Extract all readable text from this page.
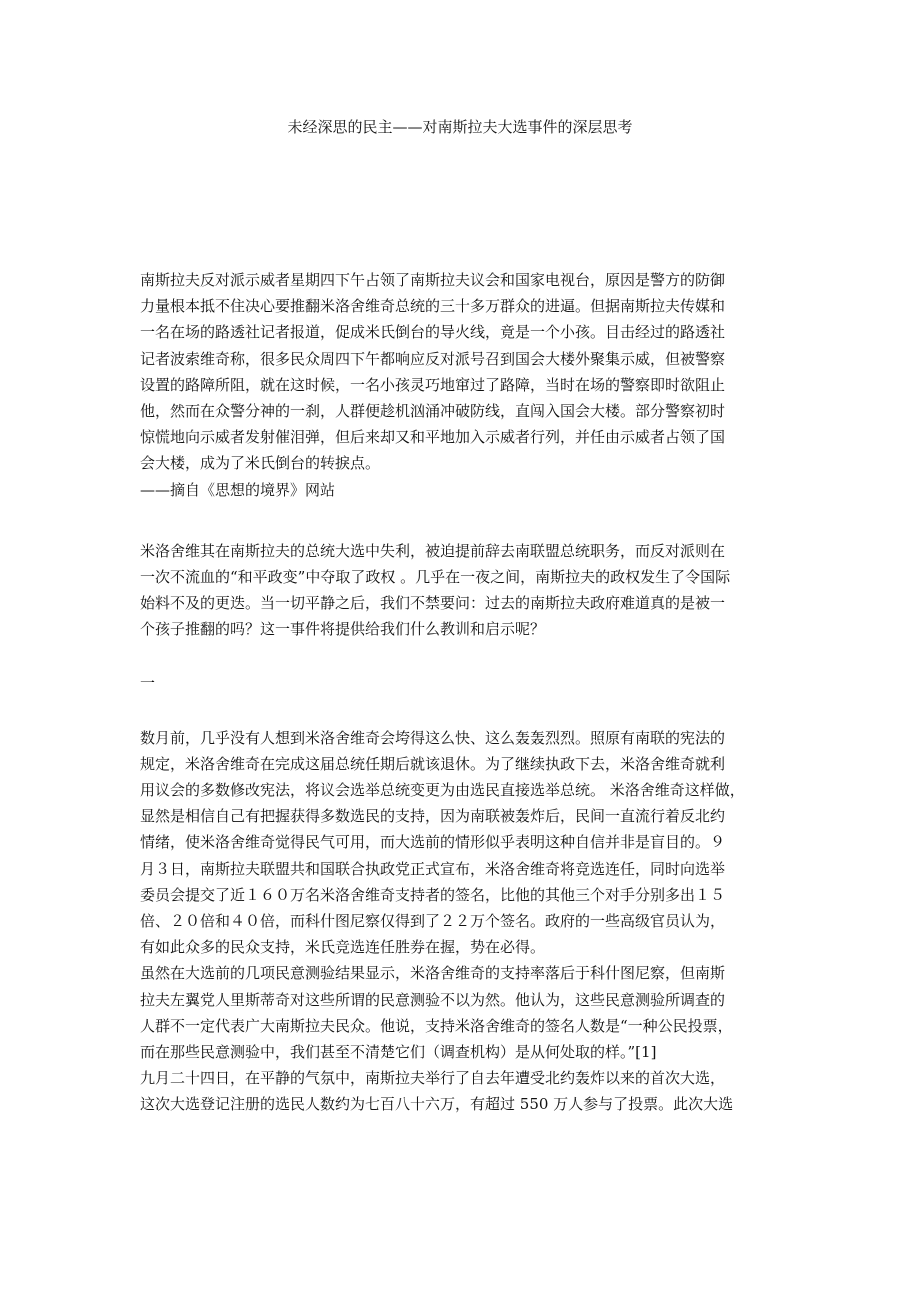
未经深思的民主——对南斯拉夫大选事件的深层思考

南斯拉夫反对派示威者星期四下午占领了南斯拉夫议会和国家电视台，原因是警方的防御

力量根本抵不住决心要推翻米洛舍维奇总统的三十多万群众的进逼。但据南斯拉夫传媒和

一名在场的路透社记者报道，促成米氏倒台的导火线，竟是一个小孩。目击经过的路透社

记者波索维奇称，很多民众周四下午都响应反对派号召到国会大楼外聚集示威，但被警察

设置的路障所阻，就在这时候，一名小孩灵巧地窜过了路障，当时在场的警察即时欲阻止

他，然而在众警分神的一刹，人群便趁机汹涌冲破防线，直闯入国会大楼。部分警察初时

惊慌地向示威者发射催泪弹，但后来却又和平地加入示威者行列，并任由示威者占领了国

会大楼，成为了米氏倒台的转捩点。

——摘自《思想的境界》网站

米洛舍维其在南斯拉夫的总统大选中失利，被迫提前辞去南联盟总统职务，而反对派则在

一次不流血的“和平政变”中夺取了政权 。几乎在一夜之间，南斯拉夫的政权发生了令国际

始料不及的更迭。当一切平静之后，我们不禁要问：过去的南斯拉夫政府难道真的是被一

个孩子推翻的吗？这一事件将提供给我们什么教训和启示呢？

一

数月前，几乎没有人想到米洛舍维奇会垮得这么快、这么轰轰烈烈。照原有南联的宪法的

规定，米洛舍维奇在完成这届总统任期后就该退休。为了继续执政下去，米洛舍维奇就利

用议会的多数修改宪法，将议会选举总统变更为由选民直接选举总统。 米洛舍维奇这样做，

显然是相信自己有把握获得多数选民的支持，因为南联被轰炸后，民间一直流行着反北约

情绪，使米洛舍维奇觉得民气可用，而大选前的情形似乎表明这种自信并非是盲目的。９

月３日，南斯拉夫联盟共和国联合执政党正式宣布，米洛舍维奇将竞选连任，同时向选举

委员会提交了近１６０万名米洛舍维奇支持者的签名，比他的其他三个对手分别多出１５

倍、２０倍和４０倍，而科什图尼察仅得到了２２万个签名。政府的一些高级官员认为，

有如此众多的民众支持，米氏竞选连任胜券在握，势在必得。

虽然在大选前的几项民意测验结果显示，米洛舍维奇的支持率落后于科什图尼察，但南斯

拉夫左翼党人里斯蒂奇对这些所谓的民意测验不以为然。他认为，这些民意测验所调查的

人群不一定代表广大南斯拉夫民众。他说，支持米洛舍维奇的签名人数是“一种公民投票，

而在那些民意测验中，我们甚至不清楚它们（调查机构）是从何处取的样。”[1]

九月二十四日，在平静的气氛中，南斯拉夫举行了自去年遭受北约轰炸以来的首次大选，

这次大选登记注册的选民人数约为七百八十六万，有超过 550 万人参与了投票。此次大选
